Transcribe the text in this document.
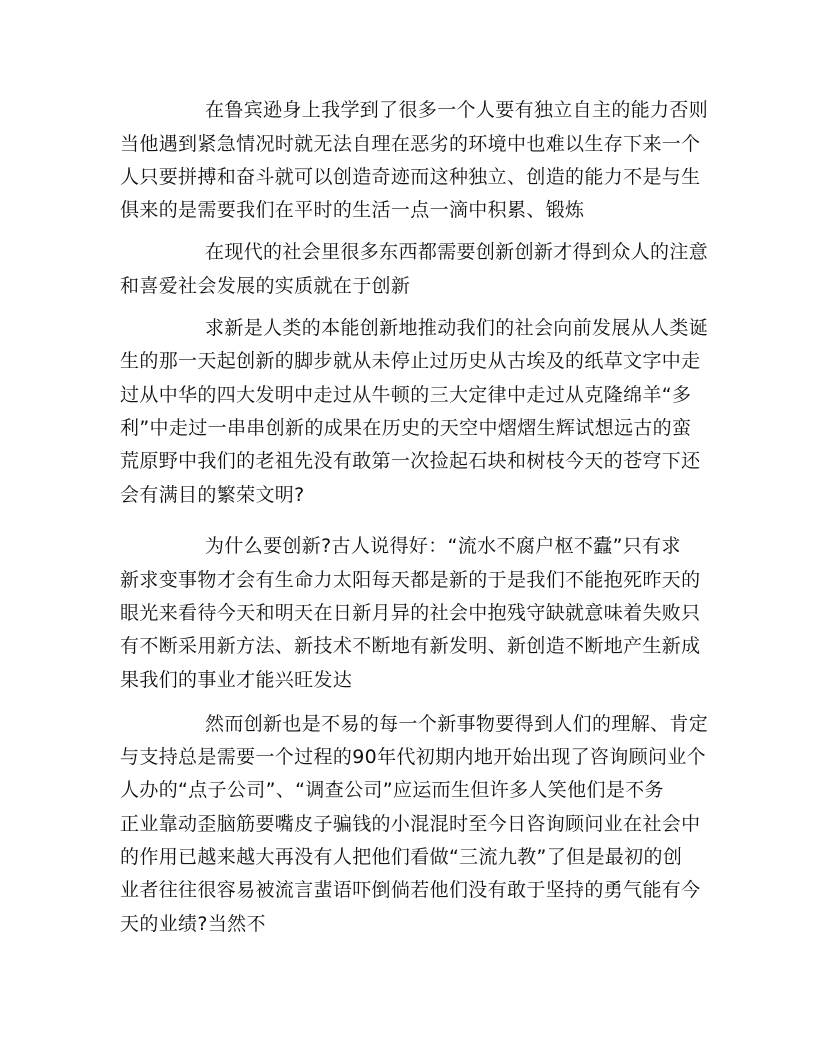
在鲁宾逊身上我学到了很多一个人要有独立自主的能力否则
当他遇到紧急情况时就无法自理在恶劣的环境中也难以生存下来一个
人只要拼搏和奋斗就可以创造奇迹而这种独立、创造的能力不是与生
俱来的是需要我们在平时的生活一点一滴中积累、锻炼
在现代的社会里很多东西都需要创新创新才得到众人的注意
和喜爱社会发展的实质就在于创新
求新是人类的本能创新地推动我们的社会向前发展从人类诞
生的那一天起创新的脚步就从未停止过历史从古埃及的纸草文字中走
过从中华的四大发明中走过从牛顿的三大定律中走过从克隆绵羊“多
利”中走过一串串创新的成果在历史的天空中熠熠生辉试想远古的蛮
荒原野中我们的老祖先没有敢第一次捡起石块和树枝今天的苍穹下还
会有满目的繁荣文明?
为什么要创新?古人说得好：“流水不腐户枢不蠹”只有求
新求变事物才会有生命力太阳每天都是新的于是我们不能抱死昨天的
眼光来看待今天和明天在日新月异的社会中抱残守缺就意味着失败只
有不断采用新方法、新技术不断地有新发明、新创造不断地产生新成
果我们的事业才能兴旺发达
然而创新也是不易的每一个新事物要得到人们的理解、肯定
与支持总是需要一个过程的90年代初期内地开始出现了咨询顾问业个
人办的“点子公司”、“调查公司”应运而生但许多人笑他们是不务
正业靠动歪脑筋要嘴皮子骗钱的小混混时至今日咨询顾问业在社会中
的作用已越来越大再没有人把他们看做“三流九教”了但是最初的创
业者往往很容易被流言蜚语吓倒倘若他们没有敢于坚持的勇气能有今
天的业绩?当然不
